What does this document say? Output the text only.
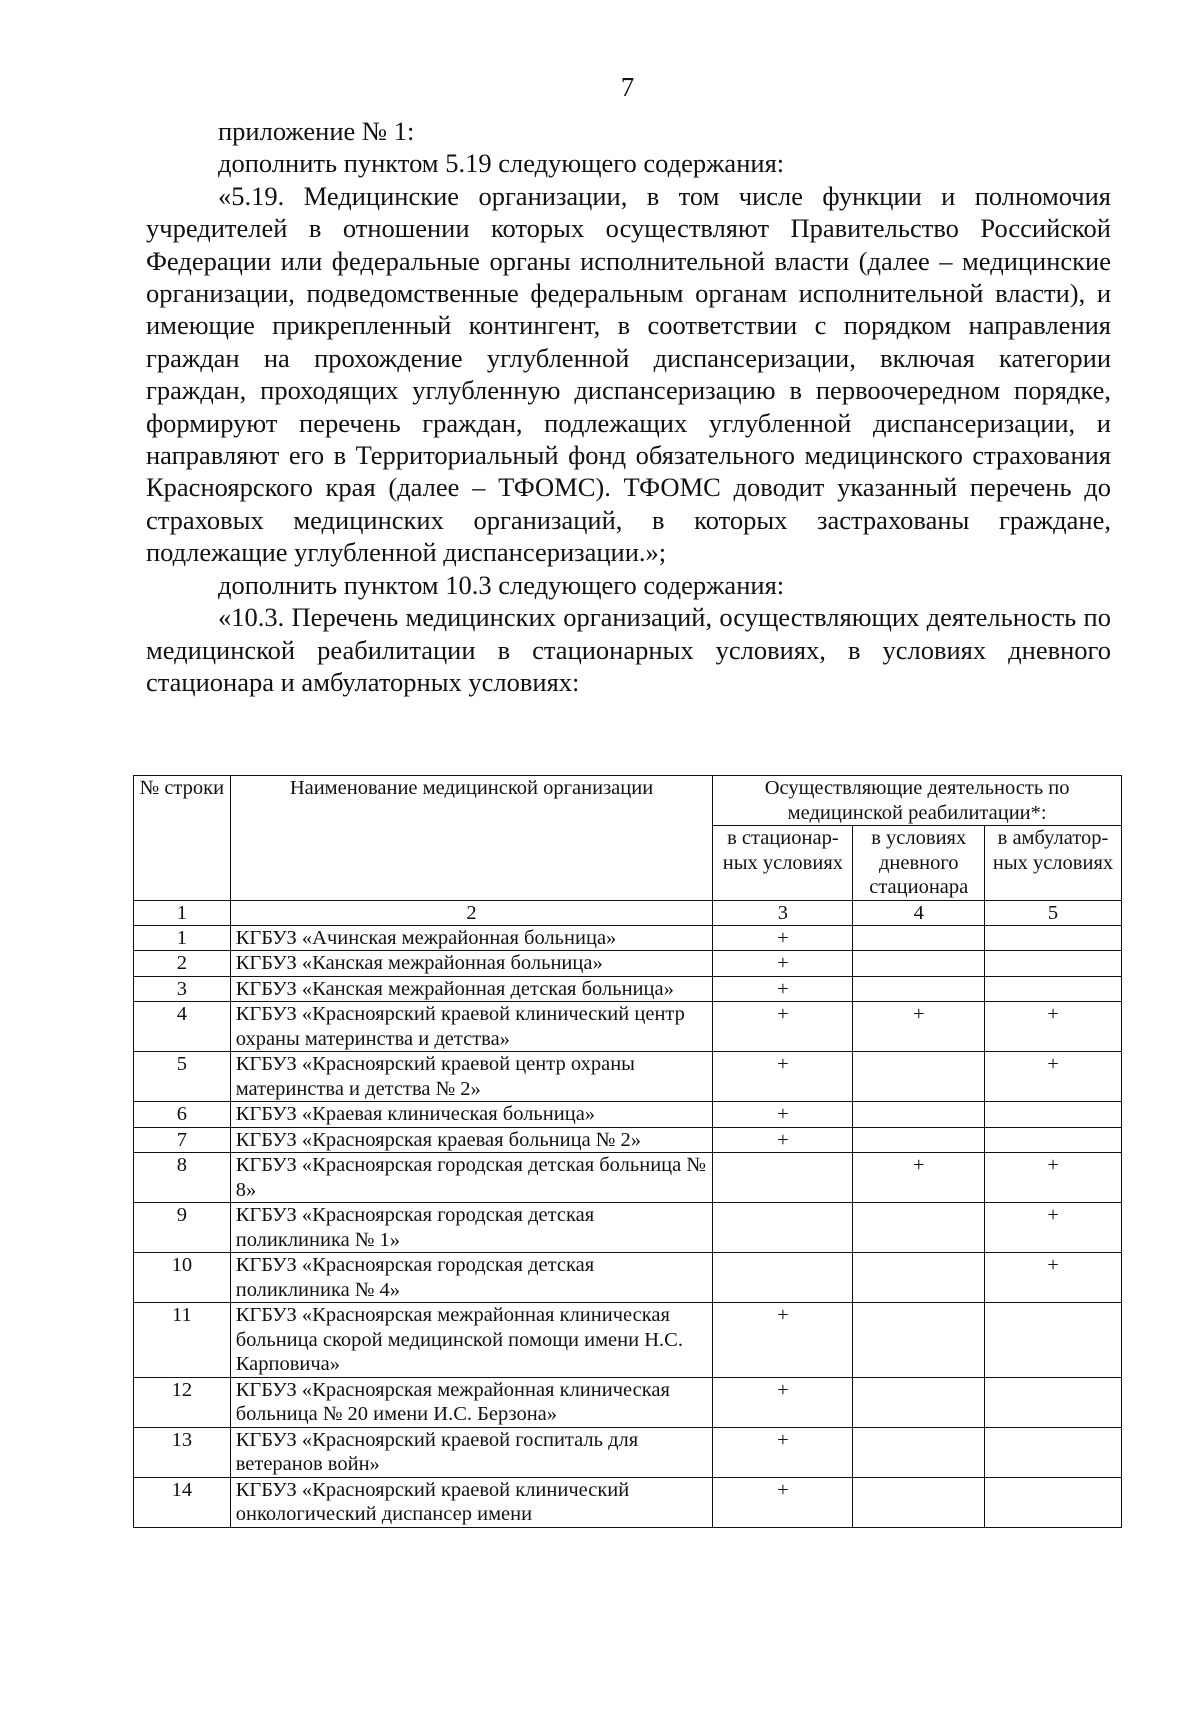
7

приложение № 1:

дополнить пунктом 5.19 следующего содержания:

«5.19. Медицинские организации, в том числе функции и полномочия учредителей в отношении которых осуществляют Правительство Российской Федерации или федеральные органы исполнительной власти (далее – медицинские организации, подведомственные федеральным органам исполнительной власти), и имеющие прикрепленный контингент, в соответствии с порядком направления граждан на прохождение углубленной диспансеризации, включая категории граждан, проходящих углубленную диспансеризацию в первоочередном порядке, формируют перечень граждан, подлежащих углубленной диспансеризации, и направляют его в Территориальный фонд обязательного медицинского страхования Красноярского края (далее – ТФОМС). ТФОМС доводит указанный перечень до страховых медицинских организаций, в которых застрахованы граждане, подлежащие углубленной диспансеризации.»;

дополнить пунктом 10.3 следующего содержания:

«10.3. Перечень медицинских организаций, осуществляющих деятельность по медицинской реабилитации в стационарных условиях, в условиях дневного стационара и амбулаторных условиях:

№ строки	Наименование медицинской организации	Осуществляющие деятельность по медицинской реабилитации*:		
		в стационар- ных условиях	в условиях дневного стационара	в амбулатор- ных условиях
1	2	3	4	5
1	КГБУЗ «Ачинская межрайонная больница»	+		
2	КГБУЗ «Канская межрайонная больница»	+		
3	КГБУЗ «Канская межрайонная детская больница»	+		
4	КГБУЗ «Красноярский краевой клинический центр охраны материнства и детства»	+	+	+
5	КГБУЗ «Красноярский краевой центр охраны материнства и детства № 2»	+		+
6	КГБУЗ «Краевая клиническая больница»	+		
7	КГБУЗ «Красноярская краевая больница № 2»	+		
8	КГБУЗ «Красноярская городская детская больница № 8»		+	+
9	КГБУЗ «Красноярская городская детская поликлиника № 1»			+
10	КГБУЗ «Красноярская городская детская поликлиника № 4»			+
11	КГБУЗ «Красноярская межрайонная клиническая больница скорой медицинской помощи имени Н.С. Карповича»	+		
12	КГБУЗ «Красноярская межрайонная клиническая больница № 20 имени И.С. Берзона»	+		
13	КГБУЗ «Красноярский краевой госпиталь для ветеранов войн»	+		
14	КГБУЗ «Красноярский краевой клинический онкологический диспансер имени	+		
